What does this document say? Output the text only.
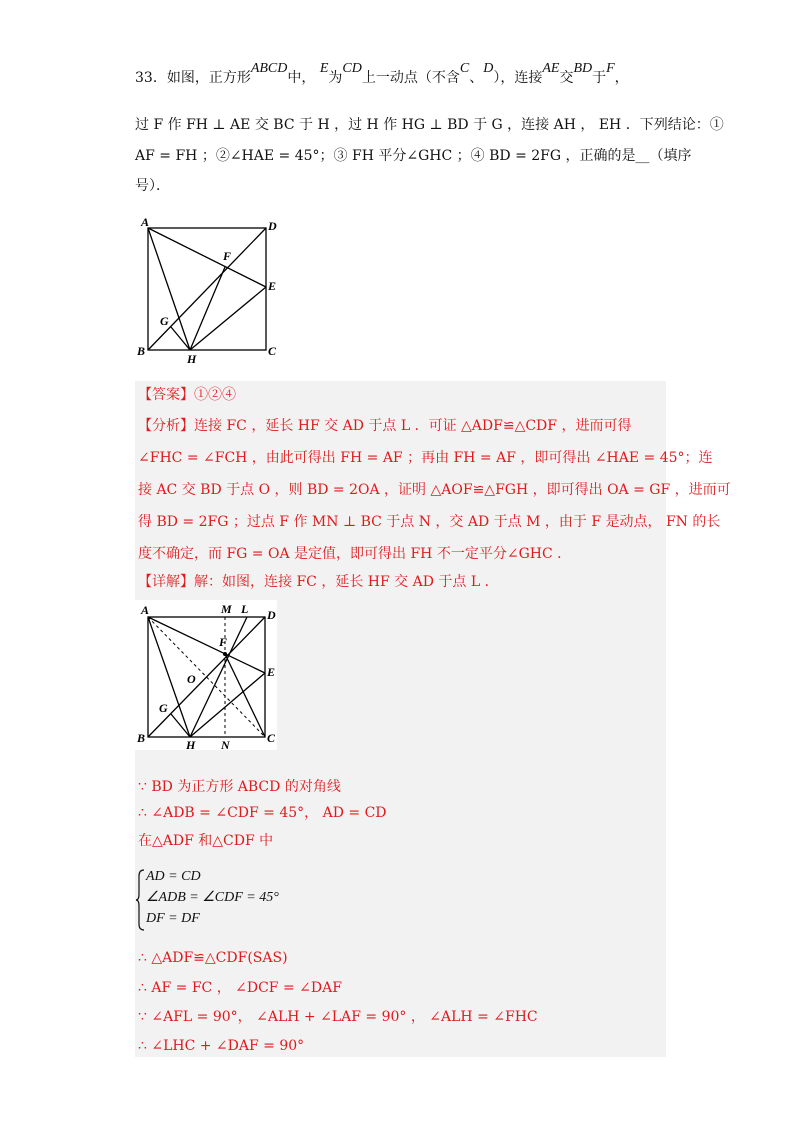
33．如图，正方形ABCD中， E为CD上一动点（不含C、D），连接AE交BD于F，
过 F 作 FH ⊥ AE 交 BC 于 H ，过 H 作 HG ⊥ BD 于 G ，连接 AH ， EH ．下列结论：①
AF = FH ；②∠HAE = 45°；③ FH 平分∠GHC ；④ BD = 2FG ，正确的是__（填序
号）．
A	D
F
E
G
B
H
C
【答案】①②④
【分析】连接 FC ，延长 HF 交 AD 于点 L ．可证 △ADF≌△CDF ，进而可得
∠FHC = ∠FCH ，由此可得出 FH = AF ；再由 FH = AF ，即可得出 ∠HAE = 45°；连
接 AC 交 BD 于点 O ，则 BD = 2OA ，证明 △AOF≌△FGH ，即可得出 OA = GF ，进而可
得 BD = 2FG ；过点 F 作 MN ⊥ BC 于点 N ，交 AD 于点 M ，由于 F 是动点， FN 的长
度不确定，而 FG = OA 是定值，即可得出 FH 不一定平分∠GHC ．
【详解】解：如图，连接 FC ，延长 HF 交 AD 于点 L ．
A	M L D
F
O	E
G
B	H N	C
∵ BD 为正方形 ABCD 的对角线
∴ ∠ADB = ∠CDF = 45°， AD = CD
在△ADF 和△CDF 中
AD = CD
∠ADB = ∠CDF = 45°
DF = DF
∴ △ADF≌△CDF(SAS)
∴ AF = FC ， ∠DCF = ∠DAF
∵ ∠AFL = 90°， ∠ALH + ∠LAF = 90° ， ∠ALH = ∠FHC
∴ ∠LHC + ∠DAF = 90°
